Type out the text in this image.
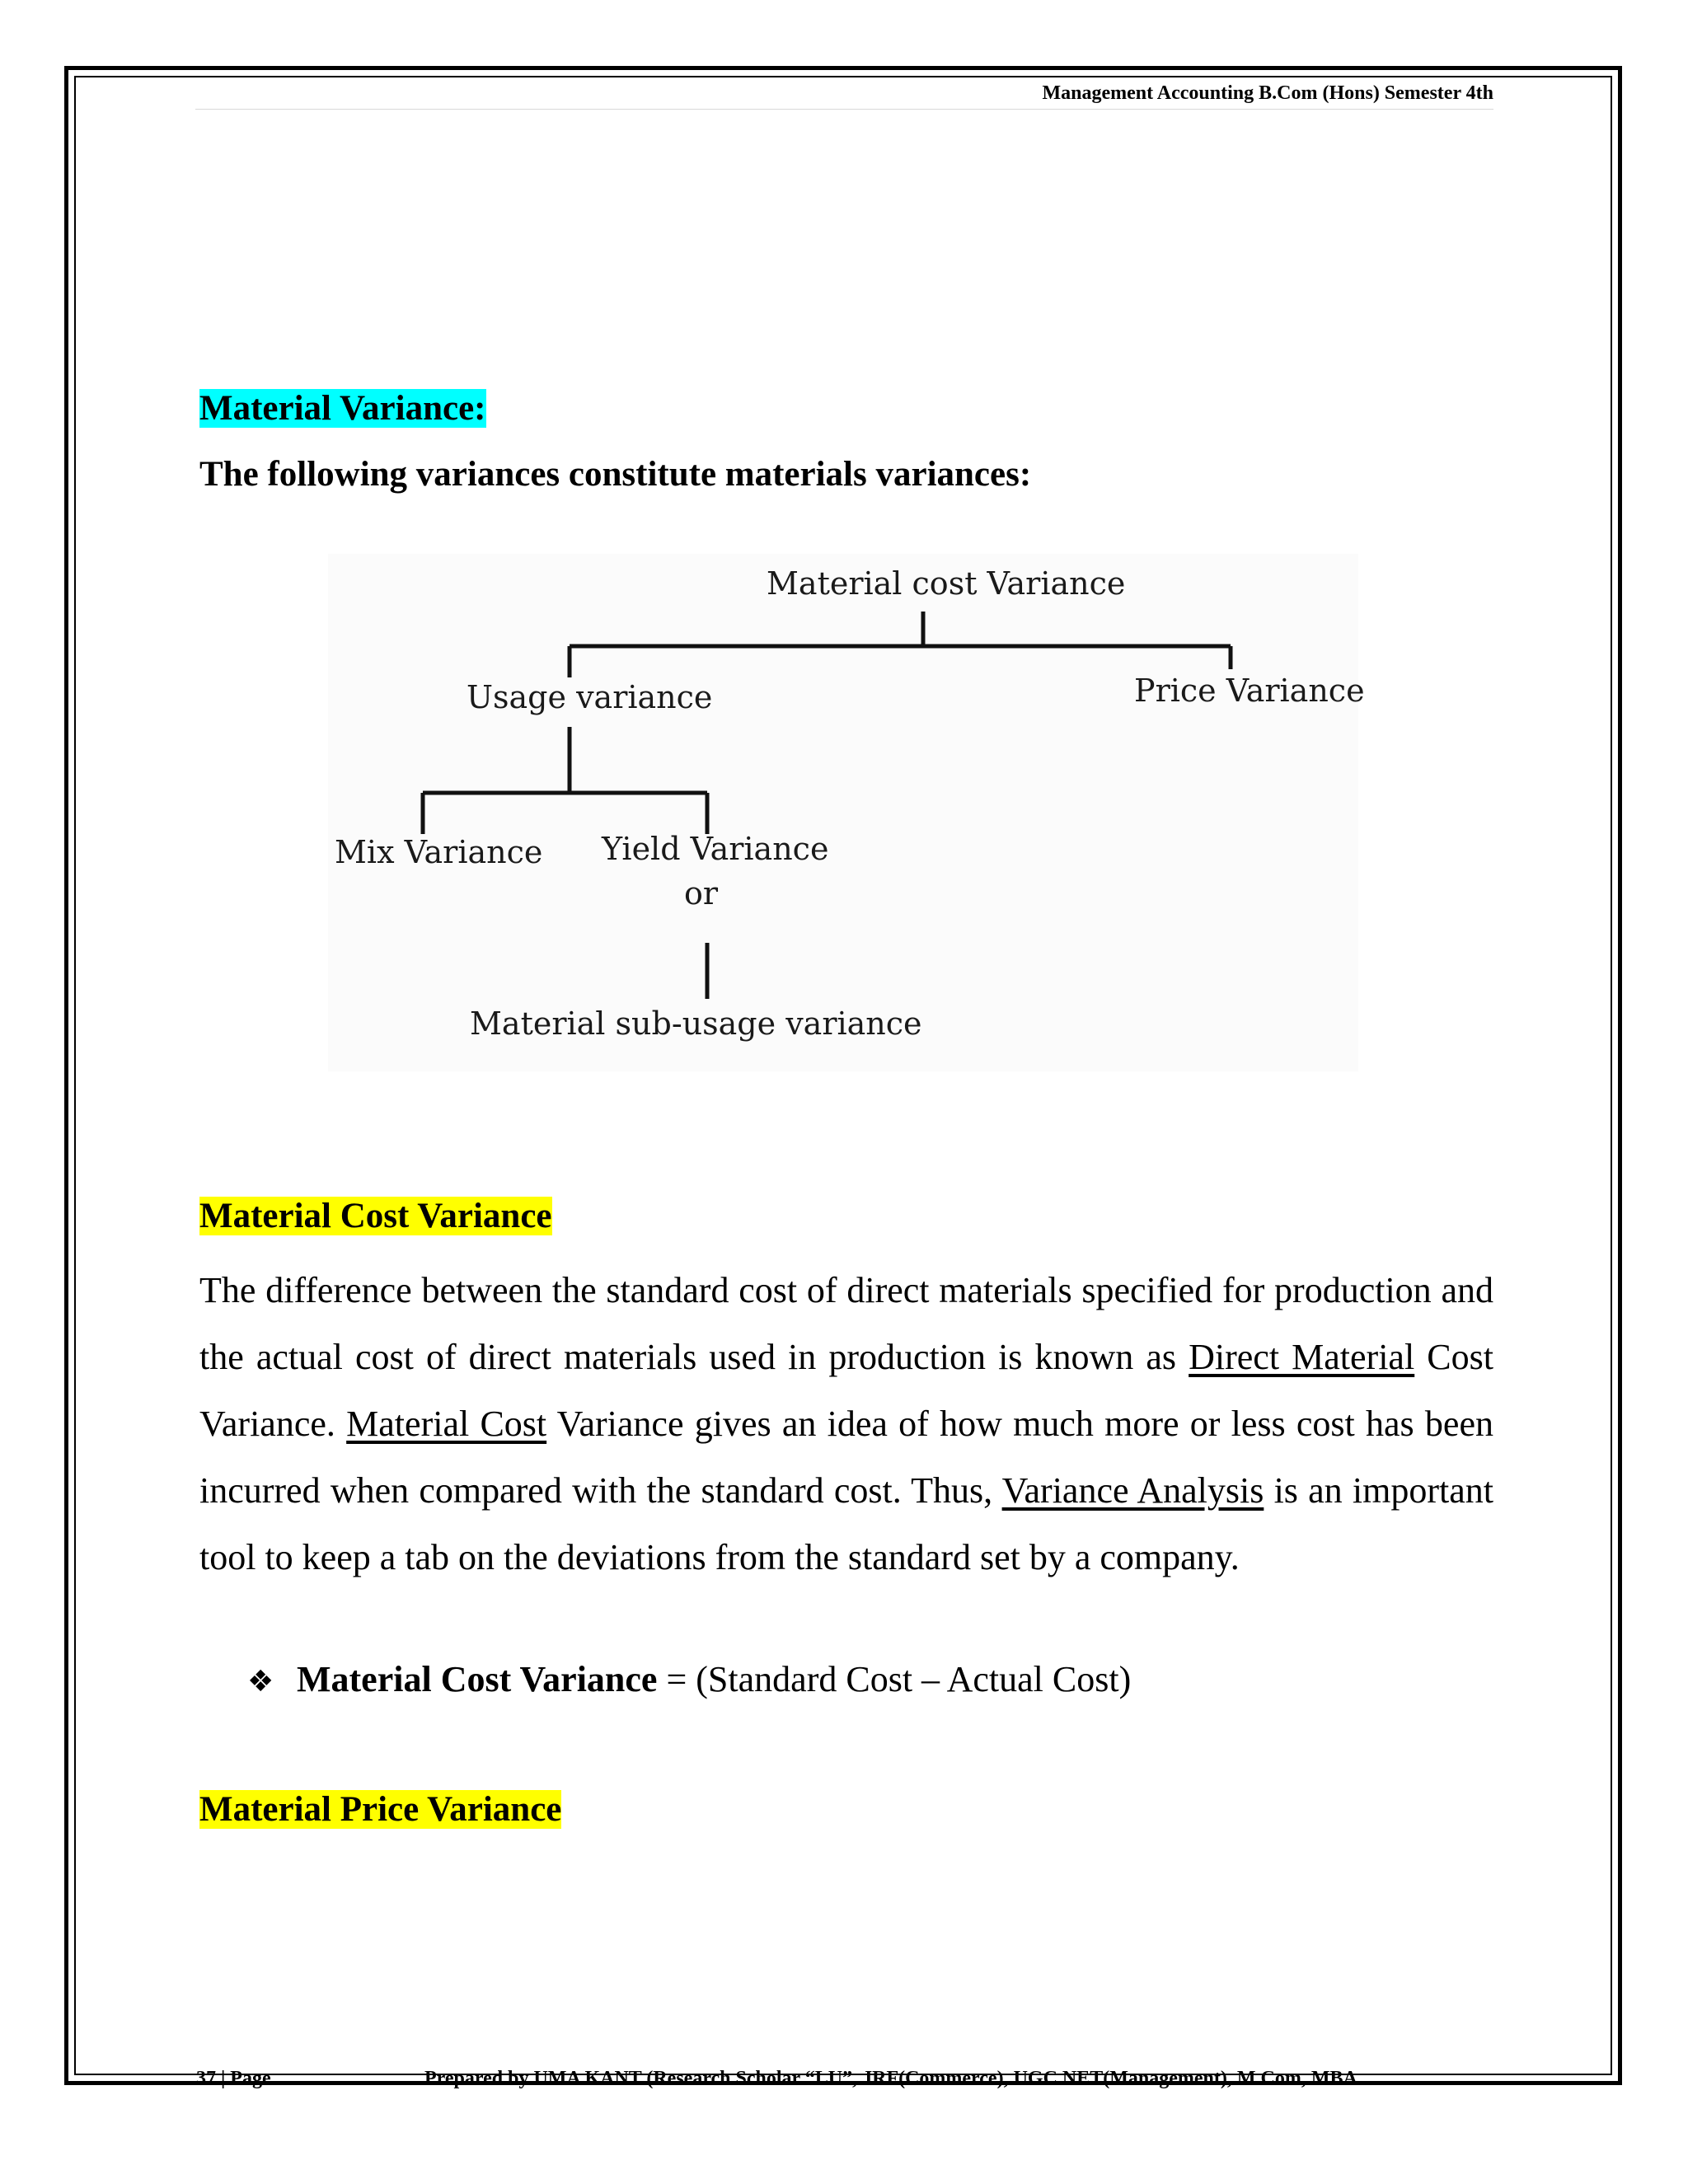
Management Accounting B.Com (Hons) Semester 4th
Material Variance:
The following variances constitute materials variances:
Material cost Variance
Usage variance	Price Variance
Mix Variance Yield Variance
or
Material sub-usage variance
Material Cost Variance
The difference between the standard cost of direct materials specified for production and the actual cost of direct materials used in production is known as Direct Material Cost Variance. Material Cost Variance gives an idea of how much more or less cost has been incurred when compared with the standard cost. Thus, Variance Analysis is an important tool to keep a tab on the deviations from the standard set by a company.
❖ Material Cost Variance = (Standard Cost – Actual Cost)
Material Price Variance
37 | Page	Prepared by UMA KANT (Research Scholar “LU”, JRF(Commerce), UGC NET(Management), M.Com, MBA
